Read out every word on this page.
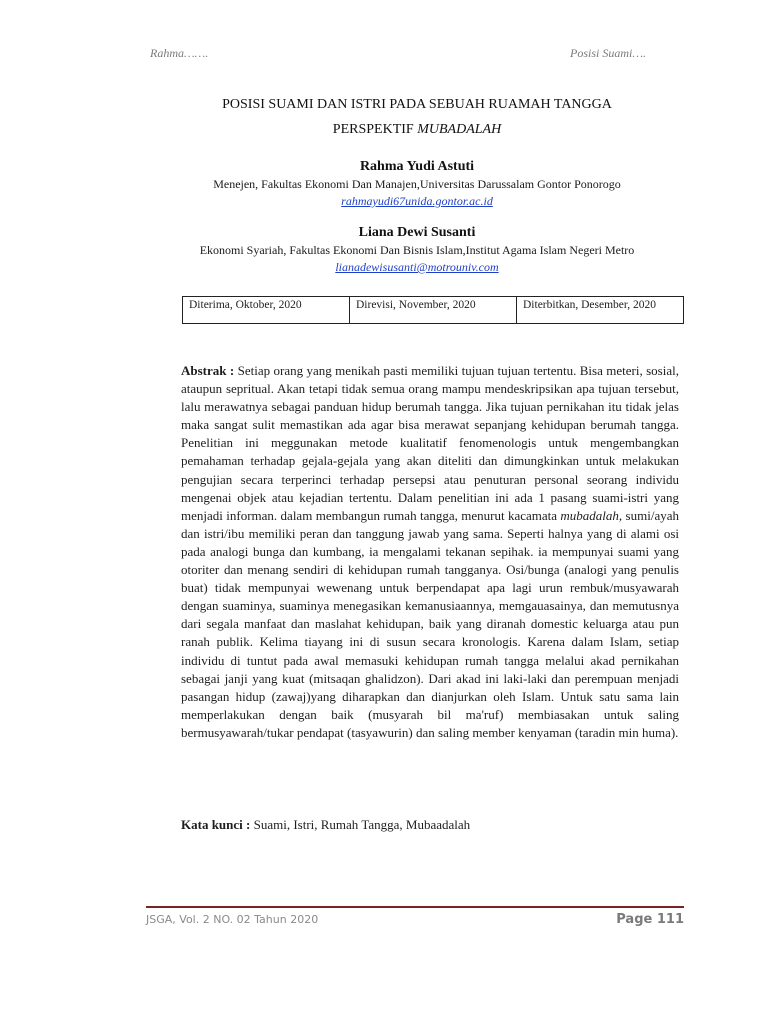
Rahma…….	Posisi Suami….
POSISI SUAMI DAN ISTRI PADA SEBUAH RUAMAH TANGGA
PERSPEKTIF MUBADALAH
Rahma Yudi Astuti
Menejen, Fakultas Ekonomi Dan Manajen,Universitas Darussalam Gontor Ponorogo
rahmayudi67unida.gontor.ac.id
Liana Dewi Susanti
Ekonomi Syariah, Fakultas Ekonomi Dan Bisnis Islam,Institut Agama Islam Negeri Metro
lianadewisusanti@motrouniv.com
Diterima, Oktober, 2020	Direvisi, November, 2020	Diterbitkan, Desember, 2020

Abstrak : Setiap orang yang menikah pasti memiliki tujuan tujuan tertentu. Bisa meteri, sosial, ataupun sepritual. Akan tetapi tidak semua orang mampu mendeskripsikan apa tujuan tersebut, lalu merawatnya sebagai panduan hidup berumah tangga. Jika tujuan pernikahan itu tidak jelas maka sangat sulit memastikan ada agar bisa merawat sepanjang kehidupan berumah tangga. Penelitian ini meggunakan metode kualitatif fenomenologis untuk mengembangkan pemahaman terhadap gejala-gejala yang akan diteliti dan dimungkinkan untuk melakukan pengujian secara terperinci terhadap persepsi atau penuturan personal seorang individu mengenai objek atau kejadian tertentu. Dalam penelitian ini ada 1 pasang suami-istri yang menjadi informan. dalam membangun rumah tangga, menurut kacamata mubadalah, sumi/ayah dan istri/ibu memiliki peran dan tanggung jawab yang sama. Seperti halnya yang di alami osi pada analogi bunga dan kumbang, ia mengalami tekanan sepihak. ia mempunyai suami yang otoriter dan menang sendiri di kehidupan rumah tangganya. Osi/bunga (analogi yang penulis buat) tidak mempunyai wewenang untuk berpendapat apa lagi urun rembuk/musyawarah dengan suaminya, suaminya menegasikan kemanusiaannya, memgauasainya, dan memutusnya dari segala manfaat dan maslahat kehidupan, baik yang diranah domestic keluarga atau pun ranah publik. Kelima tiayang ini di susun secara kronologis. Karena dalam Islam, setiap individu di tuntut pada awal memasuki kehidupan rumah tangga melalui akad pernikahan sebagai janji yang kuat (mitsaqan ghalidzon). Dari akad ini laki-laki dan perempuan menjadi pasangan hidup (zawaj)yang diharapkan dan dianjurkan oleh Islam. Untuk satu sama lain memperlakukan dengan baik (musyarah bil ma'ruf) membiasakan untuk saling bermusyawarah/tukar pendapat (tasyawurin) dan saling member kenyaman (taradin min huma).

Kata kunci : Suami, Istri, Rumah Tangga, Mubaadalah
JSGA, Vol. 2 NO. 02 Tahun 2020	Page 111
